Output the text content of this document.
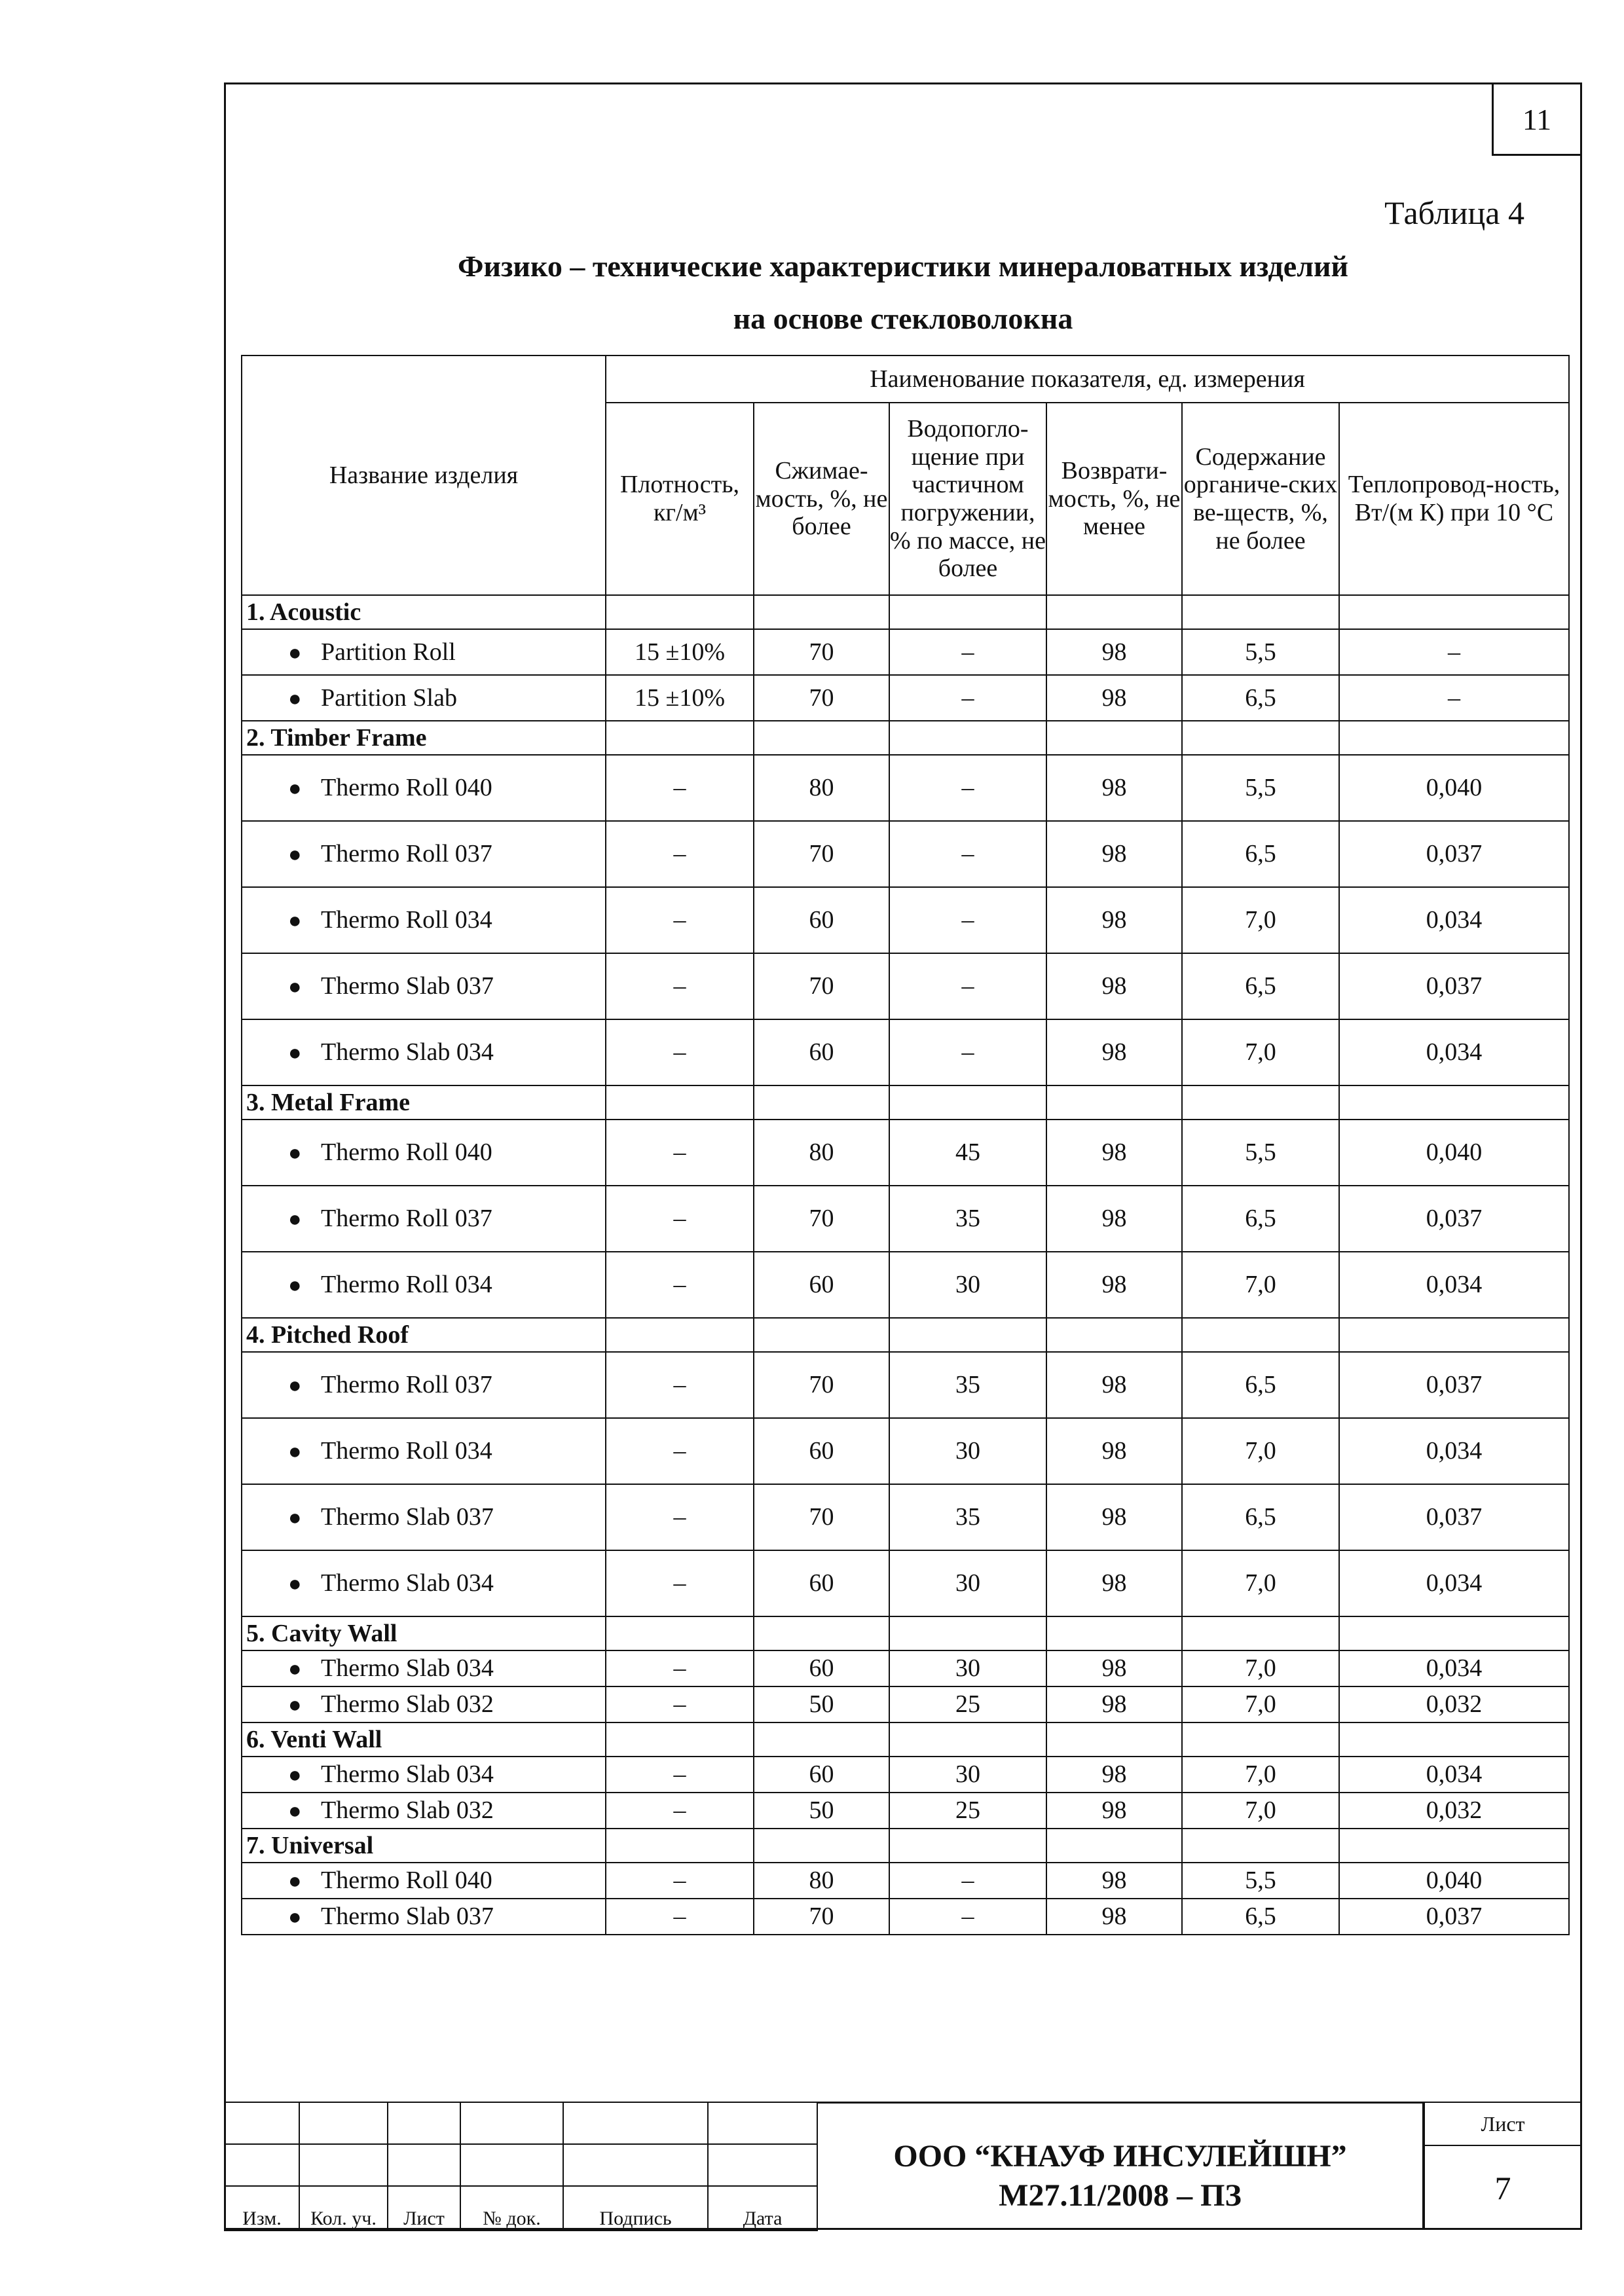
11
Таблица 4
Физико – технические характеристики минераловатных изделий
на основе стекловолокна
Название изделия	Наименование показателя, ед. измерения					
	Плотность, кг/м³	Сжимае-мость, %, не более	Водопогло-щение при частичном погружении, % по массе, не более	Возврати-мость, %, не менее	Содержание органиче-ских ве-ществ, %, не более	Теплопровод-ность, Вт/(м К) при 10 °С
1. Acoustic						
● Partition Roll	15 ±10%	70	–	98	5,5	–
● Partition Slab	15 ±10%	70	–	98	6,5	–
2. Timber Frame						
● Thermo Roll 040	–	80	–	98	5,5	0,040
● Thermo Roll 037	–	70	–	98	6,5	0,037
● Thermo Roll 034	–	60	–	98	7,0	0,034
● Thermo Slab 037	–	70	–	98	6,5	0,037
● Thermo Slab 034	–	60	–	98	7,0	0,034
3. Metal Frame						
● Thermo Roll 040	–	80	45	98	5,5	0,040
● Thermo Roll 037	–	70	35	98	6,5	0,037
● Thermo Roll 034	–	60	30	98	7,0	0,034
4. Pitched Roof						
● Thermo Roll 037	–	70	35	98	6,5	0,037
● Thermo Roll 034	–	60	30	98	7,0	0,034
● Thermo Slab 037	–	70	35	98	6,5	0,037
● Thermo Slab 034	–	60	30	98	7,0	0,034
5. Cavity Wall						
● Thermo Slab 034	–	60	30	98	7,0	0,034
● Thermo Slab 032	–	50	25	98	7,0	0,032
6. Venti Wall						
● Thermo Slab 034	–	60	30	98	7,0	0,034
● Thermo Slab 032	–	50	25	98	7,0	0,032
7. Universal						
● Thermo Roll 040	–	80	–	98	5,5	0,040
● Thermo Slab 037	–	70	–	98	6,5	0,037

Изм.	Кол. уч.	Лист	№ док.	Подпись	Дата
ООО “КНАУФ ИНСУЛЕЙШН”
М27.11/2008 – ПЗ
Лист
7
